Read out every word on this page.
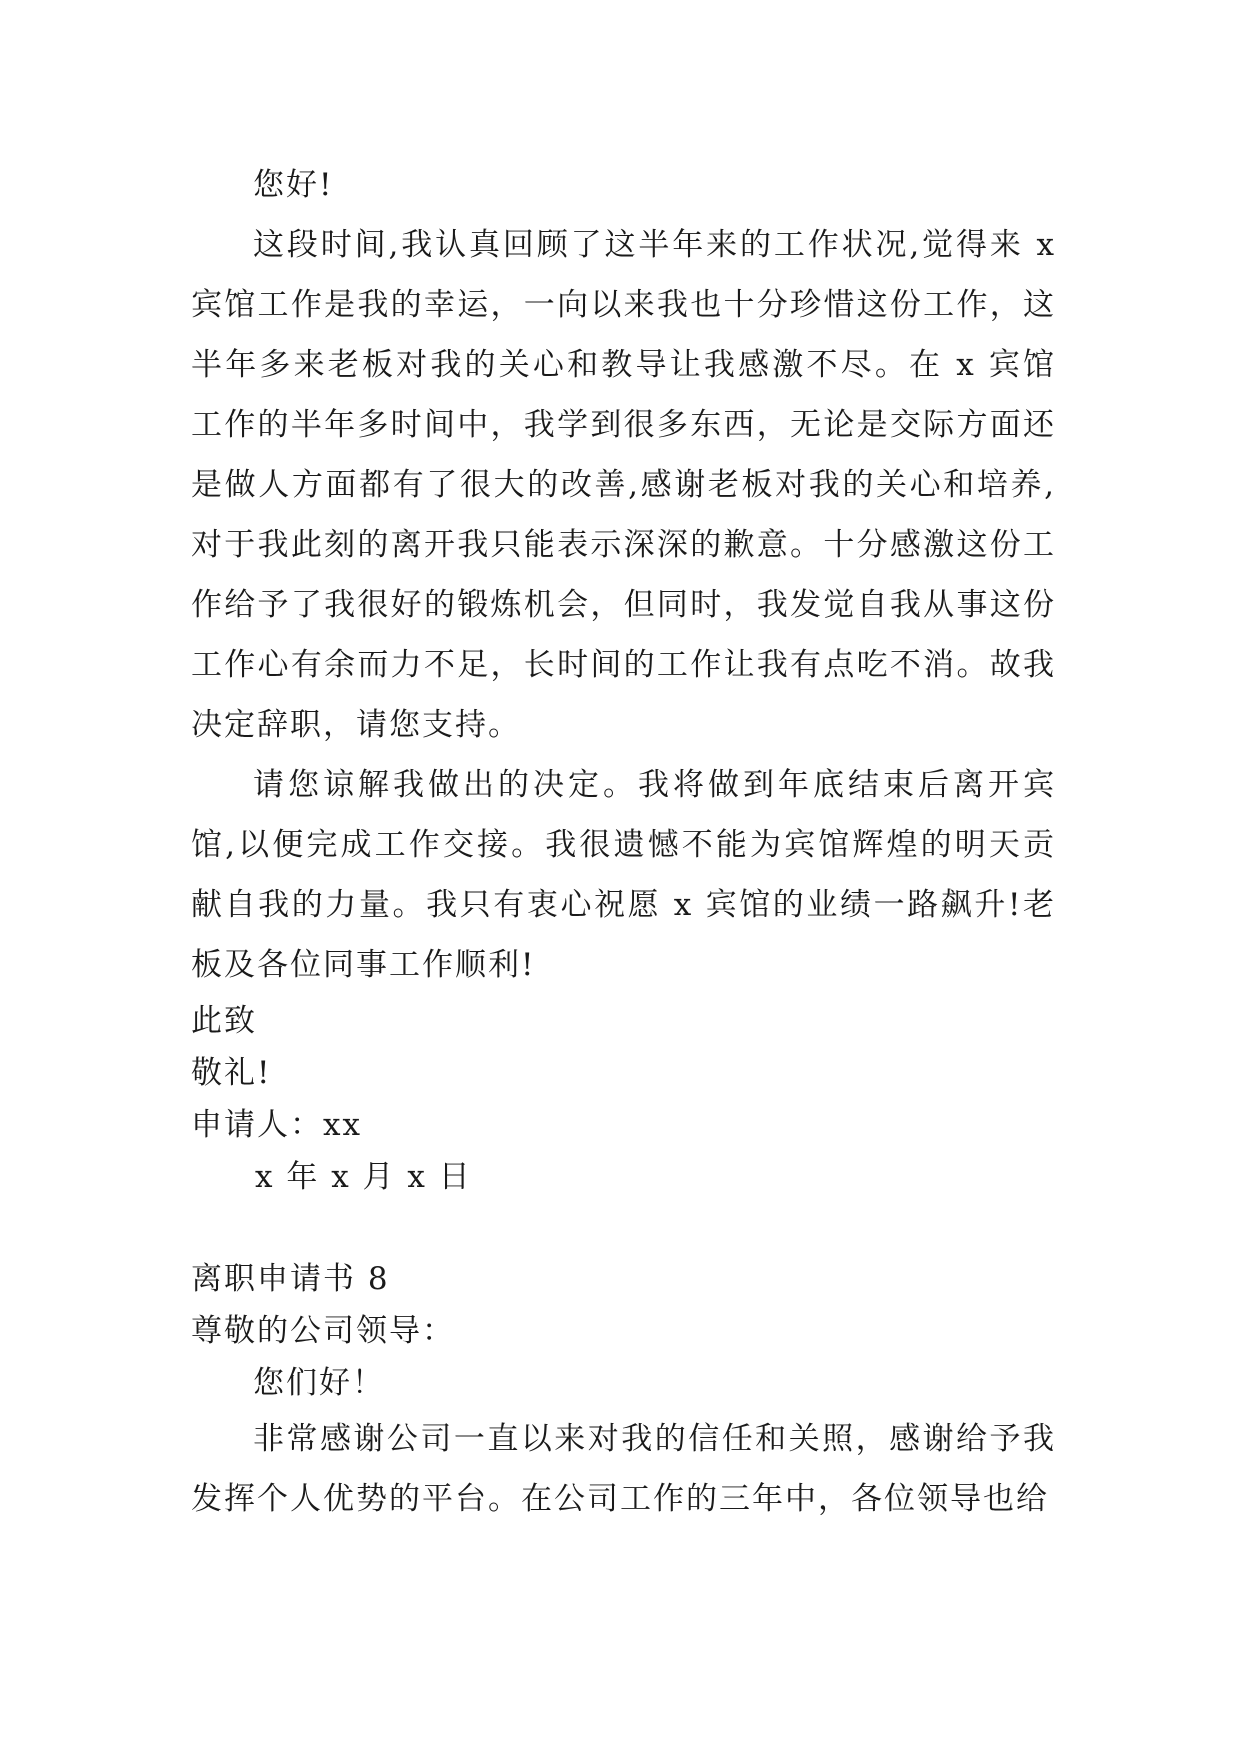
您好!
这段时间,我认真回顾了这半年来的工作状况,觉得来 x 宾馆工作是我的幸运，一向以来我也十分珍惜这份工作，这半年多来老板对我的关心和教导让我感激不尽。在 x 宾馆工作的半年多时间中，我学到很多东西，无论是交际方面还是做人方面都有了很大的改善,感谢老板对我的关心和培养,对于我此刻的离开我只能表示深深的歉意。十分感激这份工作给予了我很好的锻炼机会，但同时，我发觉自我从事这份工作心有余而力不足，长时间的工作让我有点吃不消。故我决定辞职，请您支持。
请您谅解我做出的决定。我将做到年底结束后离开宾馆,以便完成工作交接。我很遗憾不能为宾馆辉煌的明天贡献自我的力量。我只有衷心祝愿 x 宾馆的业绩一路飙升!老板及各位同事工作顺利!
此致
敬礼!
申请人：xx
x 年 x 月 x 日
离职申请书 8
尊敬的公司领导：
您们好！
非常感谢公司一直以来对我的信任和关照，感谢给予我发挥个人优势的平台。在公司工作的三年中，各位领导也给
